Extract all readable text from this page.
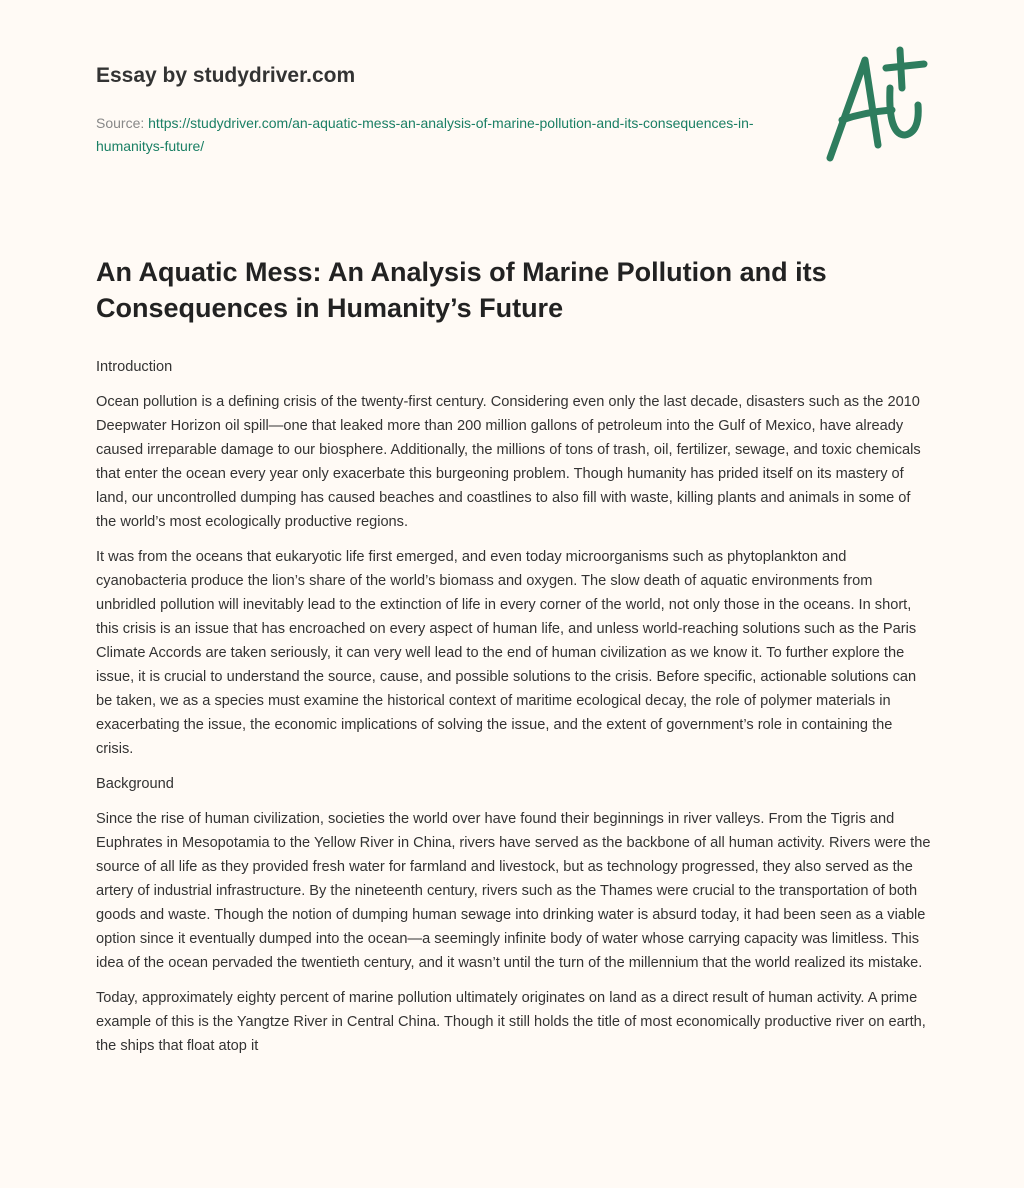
Essay by studydriver.com
Source: https://studydriver.com/an-aquatic-mess-an-analysis-of-marine-pollution-and-its-consequences-in-humanitys-future/
An Aquatic Mess: An Analysis of Marine Pollution and its Consequences in Humanity’s Future

Introduction

Ocean pollution is a defining crisis of the twenty-first century. Considering even only the last decade, disasters such as the 2010 Deepwater Horizon oil spill—one that leaked more than 200 million gallons of petroleum into the Gulf of Mexico, have already caused irreparable damage to our biosphere. Additionally, the millions of tons of trash, oil, fertilizer, sewage, and toxic chemicals that enter the ocean every year only exacerbate this burgeoning problem. Though humanity has prided itself on its mastery of land, our uncontrolled dumping has caused beaches and coastlines to also fill with waste, killing plants and animals in some of the world’s most ecologically productive regions.

It was from the oceans that eukaryotic life first emerged, and even today microorganisms such as phytoplankton and cyanobacteria produce the lion’s share of the world’s biomass and oxygen. The slow death of aquatic environments from unbridled pollution will inevitably lead to the extinction of life in every corner of the world, not only those in the oceans. In short, this crisis is an issue that has encroached on every aspect of human life, and unless world-reaching solutions such as the Paris Climate Accords are taken seriously, it can very well lead to the end of human civilization as we know it. To further explore the issue, it is crucial to understand the source, cause, and possible solutions to the crisis. Before specific, actionable solutions can be taken, we as a species must examine the historical context of maritime ecological decay, the role of polymer materials in exacerbating the issue, the economic implications of solving the issue, and the extent of government’s role in containing the crisis.

Background

Since the rise of human civilization, societies the world over have found their beginnings in river valleys. From the Tigris and Euphrates in Mesopotamia to the Yellow River in China, rivers have served as the backbone of all human activity. Rivers were the source of all life as they provided fresh water for farmland and livestock, but as technology progressed, they also served as the artery of industrial infrastructure. By the nineteenth century, rivers such as the Thames were crucial to the transportation of both goods and waste. Though the notion of dumping human sewage into drinking water is absurd today, it had been seen as a viable option since it eventually dumped into the ocean—a seemingly infinite body of water whose carrying capacity was limitless. This idea of the ocean pervaded the twentieth century, and it wasn’t until the turn of the millennium that the world realized its mistake.

Today, approximately eighty percent of marine pollution ultimately originates on land as a direct result of human activity. A prime example of this is the Yangtze River in Central China. Though it still holds the title of most economically productive river on earth, the ships that float atop it
